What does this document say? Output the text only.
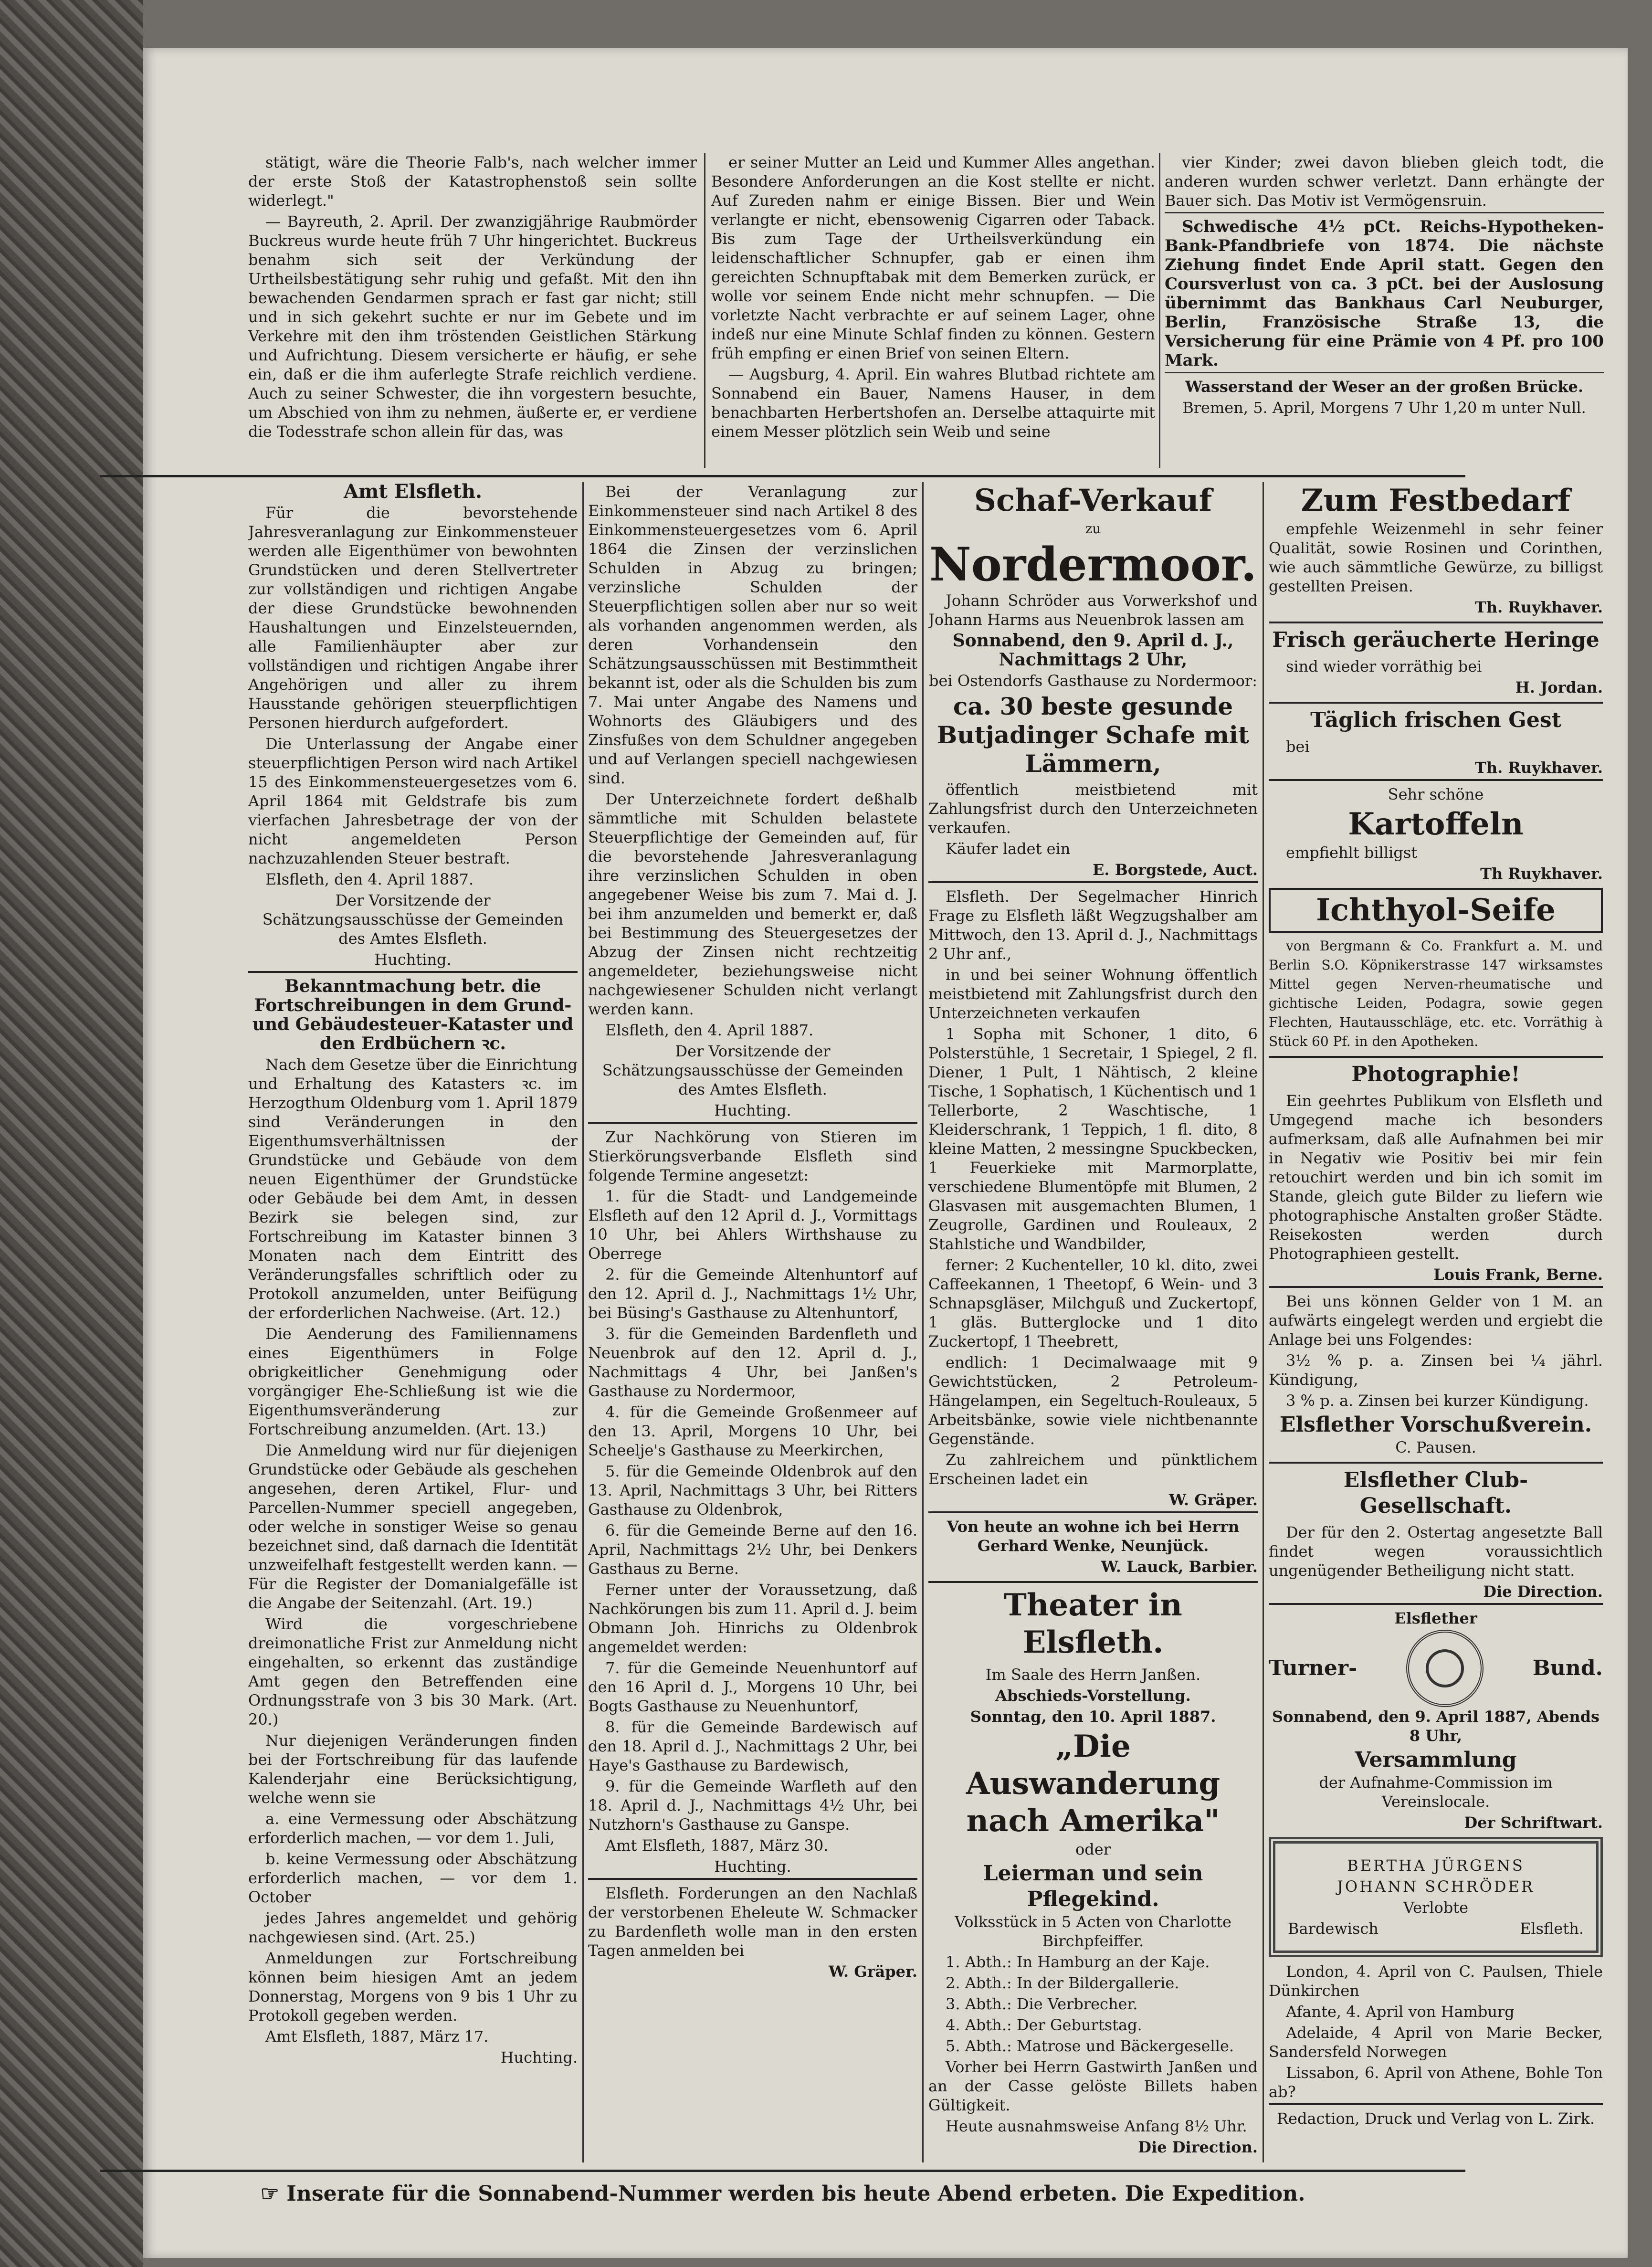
stätigt, wäre die Theorie Falb's, nach welcher immer der erste Stoß der Katastrophenstoß sein sollte widerlegt."

— Bayreuth, 2. April. Der zwanzigjährige Raubmörder Buckreus wurde heute früh 7 Uhr hingerichtet. Buckreus benahm sich seit der Verkündung der Urtheilsbestätigung sehr ruhig und gefaßt. Mit den ihn bewachenden Gendarmen sprach er fast gar nicht; still und in sich gekehrt suchte er nur im Gebete und im Verkehre mit den ihm tröstenden Geistlichen Stärkung und Aufrichtung. Diesem versicherte er häufig, er sehe ein, daß er die ihm auferlegte Strafe reichlich verdiene. Auch zu seiner Schwester, die ihn vorgestern besuchte, um Abschied von ihm zu nehmen, äußerte er, er verdiene die Todesstrafe schon allein für das, was

er seiner Mutter an Leid und Kummer Alles angethan. Besondere Anforderungen an die Kost stellte er nicht. Auf Zureden nahm er einige Bissen. Bier und Wein verlangte er nicht, ebensowenig Cigarren oder Taback. Bis zum Tage der Urtheilsverkündung ein leidenschaftlicher Schnupfer, gab er einen ihm gereichten Schnupftabak mit dem Bemerken zurück, er wolle vor seinem Ende nicht mehr schnupfen. — Die vorletzte Nacht verbrachte er auf seinem Lager, ohne indeß nur eine Minute Schlaf finden zu können. Gestern früh empfing er einen Brief von seinen Eltern.

— Augsburg, 4. April. Ein wahres Blutbad richtete am Sonnabend ein Bauer, Namens Hauser, in dem benachbarten Herbertshofen an. Derselbe attaquirte mit einem Messer plötzlich sein Weib und seine

vier Kinder; zwei davon blieben gleich todt, die anderen wurden schwer verletzt. Dann erhängte der Bauer sich. Das Motiv ist Vermögensruin.

Schwedische 4½ pCt. Reichs-Hypotheken-Bank-Pfandbriefe von 1874. Die nächste Ziehung findet Ende April statt. Gegen den Coursverlust von ca. 3 pCt. bei der Auslosung übernimmt das Bankhaus Carl Neuburger, Berlin, Französische Straße 13, die Versicherung für eine Prämie von 4 Pf. pro 100 Mark.

Wasserstand der Weser an der großen Brücke.

Bremen, 5. April, Morgens 7 Uhr 1,20 m unter Null.

Amt Elsfleth.

Für die bevorstehende Jahresveranlagung zur Einkommensteuer werden alle Eigenthümer von bewohnten Grundstücken und deren Stellvertreter zur vollständigen und richtigen Angabe der diese Grundstücke bewohnenden Haushaltungen und Einzelsteuernden, alle Familienhäupter aber zur vollständigen und richtigen Angabe ihrer Angehörigen und aller zu ihrem Hausstande gehörigen steuerpflichtigen Personen hierdurch aufgefordert.

Die Unterlassung der Angabe einer steuerpflichtigen Person wird nach Artikel 15 des Einkommensteuergesetzes vom 6. April 1864 mit Geldstrafe bis zum vierfachen Jahresbetrage der von der nicht angemeldeten Person nachzuzahlenden Steuer bestraft.

Elsfleth, den 4. April 1887.

Der Vorsitzende der Schätzungsausschüsse der Gemeinden des Amtes Elsfleth.

Huchting.

Bekanntmachung betr. die Fortschreibungen in dem Grund- und Gebäudesteuer-Kataster und den Erdbüchern ꝛc.

Nach dem Gesetze über die Einrichtung und Erhaltung des Katasters ꝛc. im Herzogthum Oldenburg vom 1. April 1879 sind Veränderungen in den Eigenthumsverhältnissen der Grundstücke und Gebäude von dem neuen Eigenthümer der Grundstücke oder Gebäude bei dem Amt, in dessen Bezirk sie belegen sind, zur Fortschreibung im Kataster binnen 3 Monaten nach dem Eintritt des Veränderungsfalles schriftlich oder zu Protokoll anzumelden, unter Beifügung der erforderlichen Nachweise. (Art. 12.)

Die Aenderung des Familiennamens eines Eigenthümers in Folge obrigkeitlicher Genehmigung oder vorgängiger Ehe-Schließung ist wie die Eigenthumsveränderung zur Fortschreibung anzumelden. (Art. 13.)

Die Anmeldung wird nur für diejenigen Grundstücke oder Gebäude als geschehen angesehen, deren Artikel, Flur- und Parcellen-Nummer speciell angegeben, oder welche in sonstiger Weise so genau bezeichnet sind, daß darnach die Identität unzweifelhaft festgestellt werden kann. — Für die Register der Domanialgefälle ist die Angabe der Seitenzahl. (Art. 19.)

Wird die vorgeschriebene dreimonatliche Frist zur Anmeldung nicht eingehalten, so erkennt das zuständige Amt gegen den Betreffenden eine Ordnungsstrafe von 3 bis 30 Mark. (Art. 20.)

Nur diejenigen Veränderungen finden bei der Fortschreibung für das laufende Kalenderjahr eine Berücksichtigung, welche wenn sie

a. eine Vermessung oder Abschätzung erforderlich machen, — vor dem 1. Juli,

b. keine Vermessung oder Abschätzung erforderlich machen, — vor dem 1. October

jedes Jahres angemeldet und gehörig nachgewiesen sind. (Art. 25.)

Anmeldungen zur Fortschreibung können beim hiesigen Amt an jedem Donnerstag, Morgens von 9 bis 1 Uhr zu Protokoll gegeben werden.

Amt Elsfleth, 1887, März 17.

Huchting.

Bei der Veranlagung zur Einkommensteuer sind nach Artikel 8 des Einkommensteuergesetzes vom 6. April 1864 die Zinsen der verzinslichen Schulden in Abzug zu bringen; verzinsliche Schulden der Steuerpflichtigen sollen aber nur so weit als vorhanden angenommen werden, als deren Vorhandensein den Schätzungsausschüssen mit Bestimmtheit bekannt ist, oder als die Schulden bis zum 7. Mai unter Angabe des Namens und Wohnorts des Gläubigers und des Zinsfußes von dem Schuldner angegeben und auf Verlangen speciell nachgewiesen sind.

Der Unterzeichnete fordert deßhalb sämmtliche mit Schulden belastete Steuerpflichtige der Gemeinden auf, für die bevorstehende Jahresveranlagung ihre verzinslichen Schulden in oben angegebener Weise bis zum 7. Mai d. J. bei ihm anzumelden und bemerkt er, daß bei Bestimmung des Steuergesetzes der Abzug der Zinsen nicht rechtzeitig angemeldeter, beziehungsweise nicht nachgewiesener Schulden nicht verlangt werden kann.

Elsfleth, den 4. April 1887.

Der Vorsitzende der Schätzungsausschüsse der Gemeinden des Amtes Elsfleth.

Huchting.

Zur Nachkörung von Stieren im Stierkörungsverbande Elsfleth sind folgende Termine angesetzt:

1. für die Stadt- und Landgemeinde Elsfleth auf den 12 April d. J., Vormittags 10 Uhr, bei Ahlers Wirthshause zu Oberrege

2. für die Gemeinde Altenhuntorf auf den 12. April d. J., Nachmittags 1½ Uhr, bei Büsing's Gasthause zu Altenhuntorf,

3. für die Gemeinden Bardenfleth und Neuenbrok auf den 12. April d. J., Nachmittags 4 Uhr, bei Janßen's Gasthause zu Nordermoor,

4. für die Gemeinde Großenmeer auf den 13. April, Morgens 10 Uhr, bei Scheelje's Gasthause zu Meerkirchen,

5. für die Gemeinde Oldenbrok auf den 13. April, Nachmittags 3 Uhr, bei Ritters Gasthause zu Oldenbrok,

6. für die Gemeinde Berne auf den 16. April, Nachmittags 2½ Uhr, bei Denkers Gasthaus zu Berne.

Ferner unter der Voraussetzung, daß Nachkörungen bis zum 11. April d. J. beim Obmann Joh. Hinrichs zu Oldenbrok angemeldet werden:

7. für die Gemeinde Neuenhuntorf auf den 16 April d. J., Morgens 10 Uhr, bei Bogts Gasthause zu Neuenhuntorf,

8. für die Gemeinde Bardewisch auf den 18. April d. J., Nachmittags 2 Uhr, bei Haye's Gasthause zu Bardewisch,

9. für die Gemeinde Warfleth auf den 18. April d. J., Nachmittags 4½ Uhr, bei Nutzhorn's Gasthause zu Ganspe.

Amt Elsfleth, 1887, März 30.

Huchting.

Elsfleth. Forderungen an den Nachlaß der verstorbenen Eheleute W. Schmacker zu Bardenfleth wolle man in den ersten Tagen anmelden bei

W. Gräper.

Schaf-Verkauf
zu
Nordermoor.

Johann Schröder aus Vorwerkshof und Johann Harms aus Neuenbrok lassen am

Sonnabend, den 9. April d. J., Nachmittags 2 Uhr,

bei Ostendorfs Gasthause zu Nordermoor:

ca. 30 beste gesunde Butjadinger Schafe mit Lämmern,

öffentlich meistbietend mit Zahlungsfrist durch den Unterzeichneten verkaufen.

Käufer ladet ein

E. Borgstede, Auct.

Elsfleth. Der Segelmacher Hinrich Frage zu Elsfleth läßt Wegzugshalber am Mittwoch, den 13. April d. J., Nachmittags 2 Uhr anf.,

in und bei seiner Wohnung öffentlich meistbietend mit Zahlungsfrist durch den Unterzeichneten verkaufen

1 Sopha mit Schoner, 1 dito, 6 Polsterstühle, 1 Secretair, 1 Spiegel, 2 fl. Diener, 1 Pult, 1 Nähtisch, 2 kleine Tische, 1 Sophatisch, 1 Küchentisch und 1 Tellerborte, 2 Waschtische, 1 Kleiderschrank, 1 Teppich, 1 fl. dito, 8 kleine Matten, 2 messingne Spuckbecken, 1 Feuerkieke mit Marmorplatte, verschiedene Blumentöpfe mit Blumen, 2 Glasvasen mit ausgemachten Blumen, 1 Zeugrolle, Gardinen und Rouleaux, 2 Stahlstiche und Wandbilder,

ferner: 2 Kuchenteller, 10 kl. dito, zwei Caffeekannen, 1 Theetopf, 6 Wein- und 3 Schnapsgläser, Milchguß und Zuckertopf, 1 gläs. Butterglocke und 1 dito Zuckertopf, 1 Theebrett,

endlich: 1 Decimalwaage mit 9 Gewichtstücken, 2 Petroleum-Hängelampen, ein Segeltuch-Rouleaux, 5 Arbeitsbänke, sowie viele nichtbenannte Gegenstände.

Zu zahlreichem und pünktlichem Erscheinen ladet ein

W. Gräper.

Von heute an wohne ich bei Herrn Gerhard Wenke, Neunjück.

W. Lauck, Barbier.

Theater in Elsfleth.

Im Saale des Herrn Janßen.

Abschieds-Vorstellung.

Sonntag, den 10. April 1887.

„Die Auswanderung nach Amerika"

oder

Leierman und sein Pflegekind.

Volksstück in 5 Acten von Charlotte Birchpfeiffer.

1. Abth.: In Hamburg an der Kaje.

2. Abth.: In der Bildergallerie.

3. Abth.: Die Verbrecher.

4. Abth.: Der Geburtstag.

5. Abth.: Matrose und Bäckergeselle.

Vorher bei Herrn Gastwirth Janßen und an der Casse gelöste Billets haben Gültigkeit.

Heute ausnahmsweise Anfang 8½ Uhr.

Die Direction.

Zum Festbedarf

empfehle Weizenmehl in sehr feiner Qualität, sowie Rosinen und Corinthen, wie auch sämmtliche Gewürze, zu billigst gestellten Preisen.

Th. Ruykhaver.

Frisch geräucherte Heringe

sind wieder vorräthig bei

H. Jordan.

Täglich frischen Gest

bei

Th. Ruykhaver.

Sehr schöne

Kartoffeln

empfiehlt billigst

Th Ruykhaver.

Ichthyol-Seife

von Bergmann & Co. Frankfurt a. M. und Berlin S.O. Köpnikerstrasse 147 wirksamstes Mittel gegen Nerven-rheumatische und gichtische Leiden, Podagra, sowie gegen Flechten, Hautausschläge, etc. etc. Vorräthig à Stück 60 Pf. in den Apotheken.

Photographie!

Ein geehrtes Publikum von Elsfleth und Umgegend mache ich besonders aufmerksam, daß alle Aufnahmen bei mir in Negativ wie Positiv bei mir fein retouchirt werden und bin ich somit im Stande, gleich gute Bilder zu liefern wie photographische Anstalten großer Städte. Reisekosten werden durch Photographieen gestellt.

Louis Frank, Berne.

Bei uns können Gelder von 1 M. an aufwärts eingelegt werden und ergiebt die Anlage bei uns Folgendes:

3½ % p. a. Zinsen bei ¼ jährl. Kündigung,

3 % p. a. Zinsen bei kurzer Kündigung.

Elsflether Vorschußverein.

C. Pausen.

Elsflether Club-Gesellschaft.

Der für den 2. Ostertag angesetzte Ball findet wegen voraussichtlich ungenügender Betheiligung nicht statt.

Die Direction.

Elsflether

Turner-	Bund.

Sonnabend, den 9. April 1887, Abends 8 Uhr,

Versammlung

der Aufnahme-Commission im Vereinslocale.

Der Schriftwart.

BERTHA JÜRGENS

JOHANN SCHRÖDER

Verlobte

Bardewisch	Elsfleth.

London, 4. April von C. Paulsen, Thiele Dünkirchen

Afante, 4. April von Hamburg

Adelaide, 4 April von Marie Becker, Sandersfeld Norwegen

Lissabon, 6. April von Athene, Bohle Ton ab?

Redaction, Druck und Verlag von L. Zirk.

☞ Inserate für die Sonnabend-Nummer werden bis heute Abend erbeten. Die Expedition.
